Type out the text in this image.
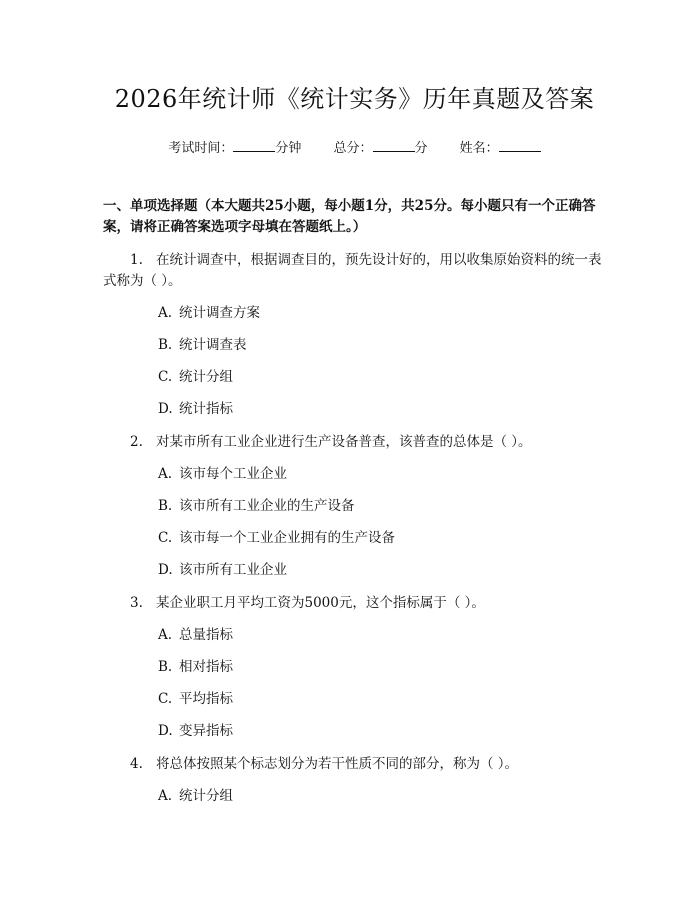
2026年统计师《统计实务》历年真题及答案
考试时间：	分钟 总分：	分 姓名：
一、单项选择题（本大题共25小题，每小题1分，共25分。每小题只有一个正确答案，请将正确答案选项字母填在答题纸上。）
1. 在统计调查中，根据调查目的，预先设计好的，用以收集原始资料的统一表式称为（ ）。
A. 统计调查方案
B. 统计调查表
C. 统计分组
D. 统计指标
2. 对某市所有工业企业进行生产设备普查，该普查的总体是（ ）。
A. 该市每个工业企业
B. 该市所有工业企业的生产设备
C. 该市每一个工业企业拥有的生产设备
D. 该市所有工业企业
3. 某企业职工月平均工资为5000元，这个指标属于（ ）。
A. 总量指标
B. 相对指标
C. 平均指标
D. 变异指标
4. 将总体按照某个标志划分为若干性质不同的部分，称为（ ）。
A. 统计分组
